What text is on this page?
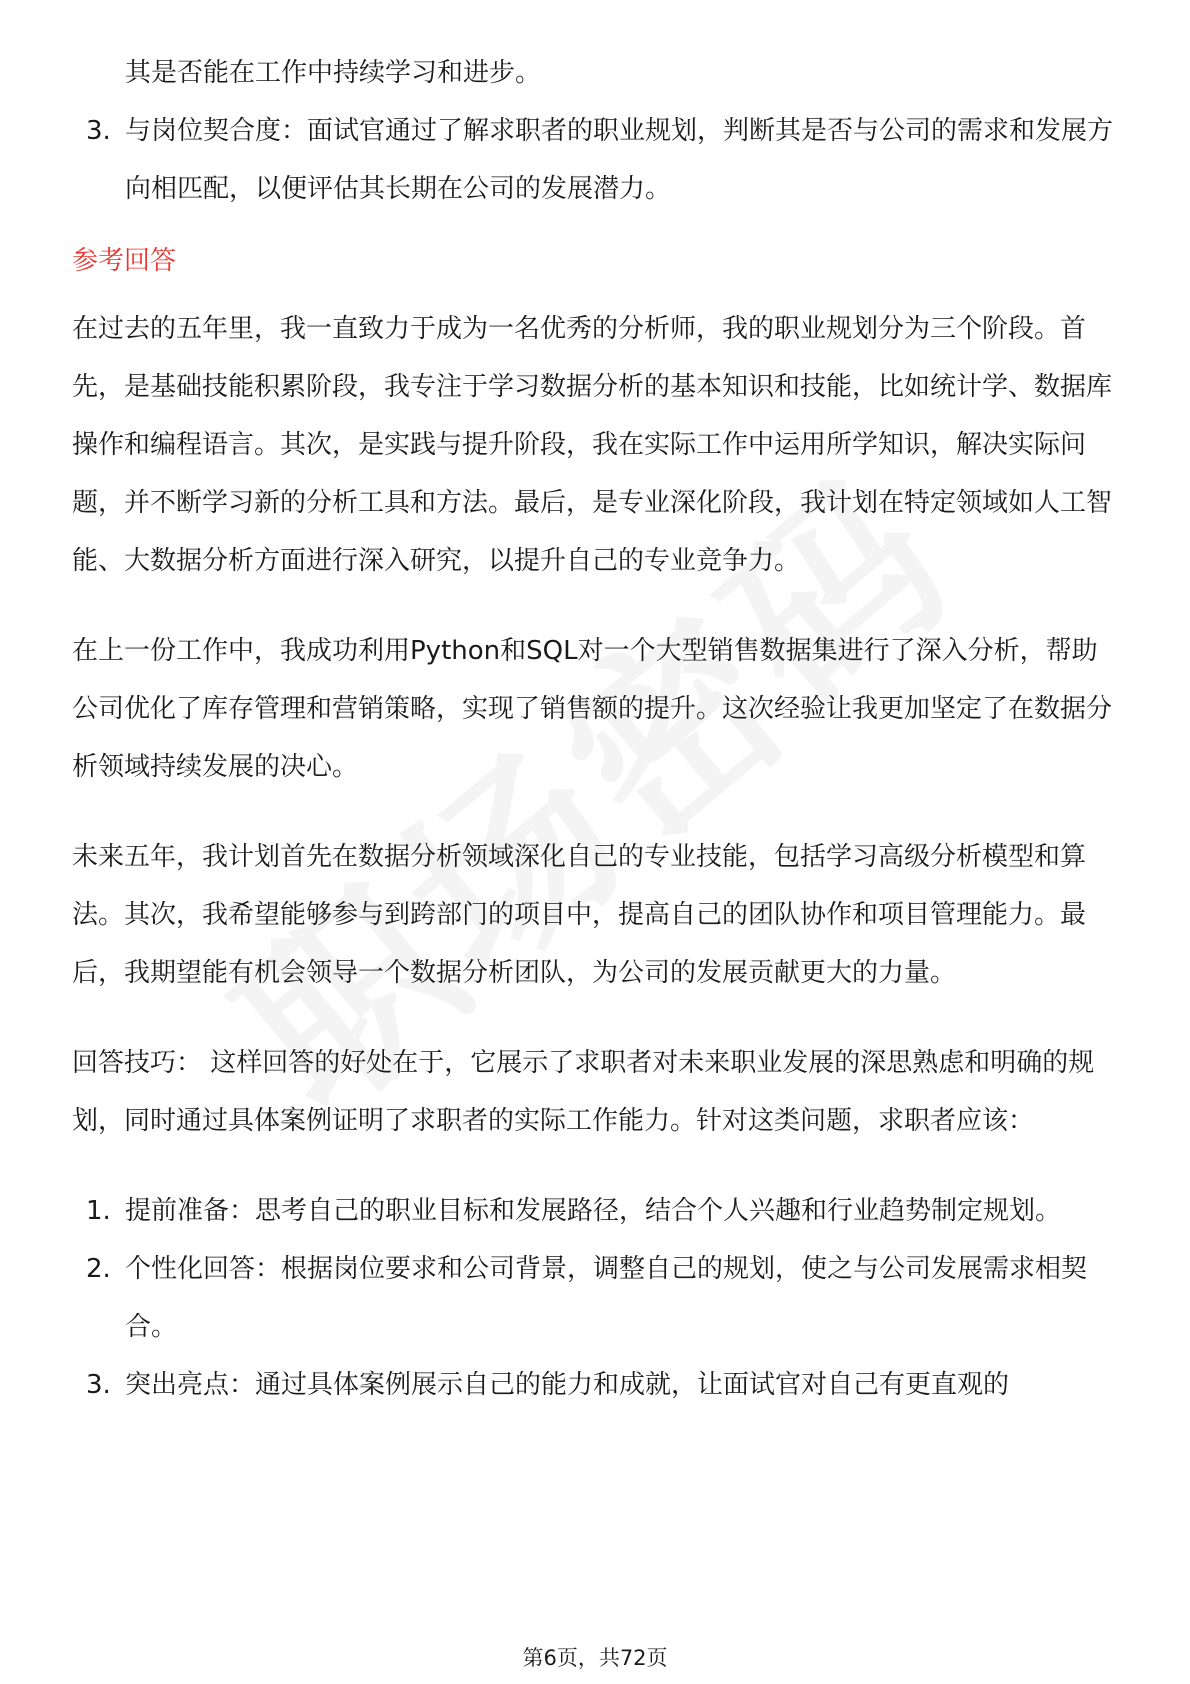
其是否能在工作中持续学习和进步。

3. 与岗位契合度：面试官通过了解求职者的职业规划，判断其是否与公司的需求和发展方向相匹配，以便评估其长期在公司的发展潜力。

参考回答

在过去的五年里，我一直致力于成为一名优秀的分析师，我的职业规划分为三个阶段。首先，是基础技能积累阶段，我专注于学习数据分析的基本知识和技能，比如统计学、数据库操作和编程语言。其次，是实践与提升阶段，我在实际工作中运用所学知识，解决实际问题，并不断学习新的分析工具和方法。最后，是专业深化阶段，我计划在特定领域如人工智能、大数据分析方面进行深入研究，以提升自己的专业竞争力。

在上一份工作中，我成功利用Python和SQL对一个大型销售数据集进行了深入分析，帮助公司优化了库存管理和营销策略，实现了销售额的提升。这次经验让我更加坚定了在数据分析领域持续发展的决心。

未来五年，我计划首先在数据分析领域深化自己的专业技能，包括学习高级分析模型和算法。其次，我希望能够参与到跨部门的项目中，提高自己的团队协作和项目管理能力。最后，我期望能有机会领导一个数据分析团队，为公司的发展贡献更大的力量。

回答技巧： 这样回答的好处在于，它展示了求职者对未来职业发展的深思熟虑和明确的规划，同时通过具体案例证明了求职者的实际工作能力。针对这类问题，求职者应该：

1. 提前准备：思考自己的职业目标和发展路径，结合个人兴趣和行业趋势制定规划。
2. 个性化回答：根据岗位要求和公司背景，调整自己的规划，使之与公司发展需求相契合。
3. 突出亮点：通过具体案例展示自己的能力和成就，让面试官对自己有更直观的
第6页，共72页
